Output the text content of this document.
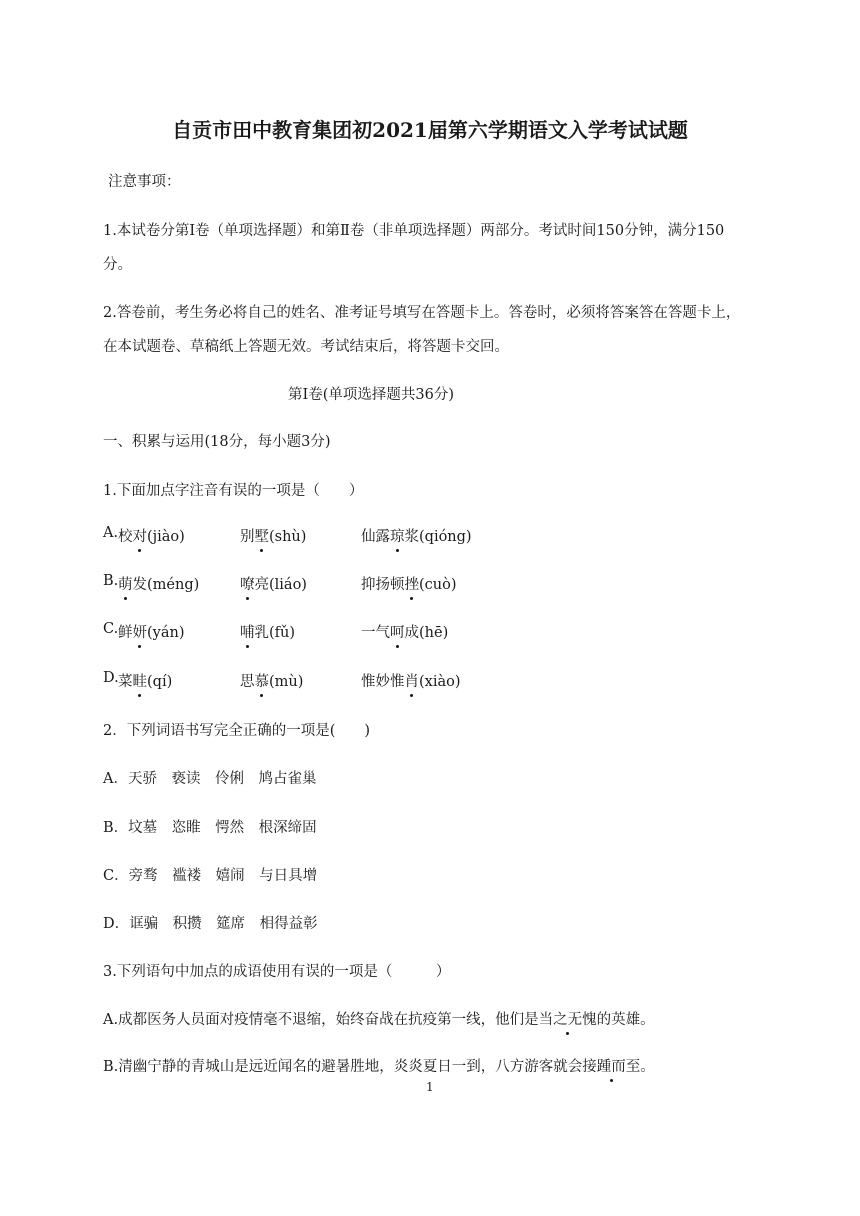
自贡市田中教育集团初2021届第六学期语文入学考试试题
注意事项：
1.本试卷分第Ⅰ卷（单项选择题）和第Ⅱ卷（非单项选择题）两部分。考试时间150分钟，满分150
分。
2.答卷前，考生务必将自己的姓名、准考证号填写在答题卡上。答卷时，必须将答案答在答题卡上，
在本试题卷、草稿纸上答题无效。考试结束后，将答题卡交回。
第Ⅰ卷(单项选择题共36分)
一、积累与运用(18分，每小题3分)
1.下面加点字注音有误的一项是（　　）
A. 校对(jiào)	别墅(shù)	仙露琼浆(qióng)
B. 萌发(méng)	嘹亮(liáo)	抑扬顿挫(cuò)
C. 鲜妍(yán)	哺乳(fǔ)	一气呵成(hē)
D. 菜畦(qí)	思慕(mù)	惟妙惟肖(xiào)
2．下列词语书写完全正确的一项是(　　)
A．天骄　亵读　伶俐　鸠占雀巢
B．坟墓　恣睢　愕然　根深缔固
C．旁骛　褴褛　嬉闹　与日具增
D．诓骗　积攒　筵席　相得益彰
3.下列语句中加点的成语使用有误的一项是（　　　）
A.成都医务人员面对疫情毫不退缩，始终奋战在抗疫第一线，他们是当之无愧的英雄。
B.清幽宁静的青城山是远近闻名的避暑胜地，炎炎夏日一到，八方游客就会接踵而至。
1
